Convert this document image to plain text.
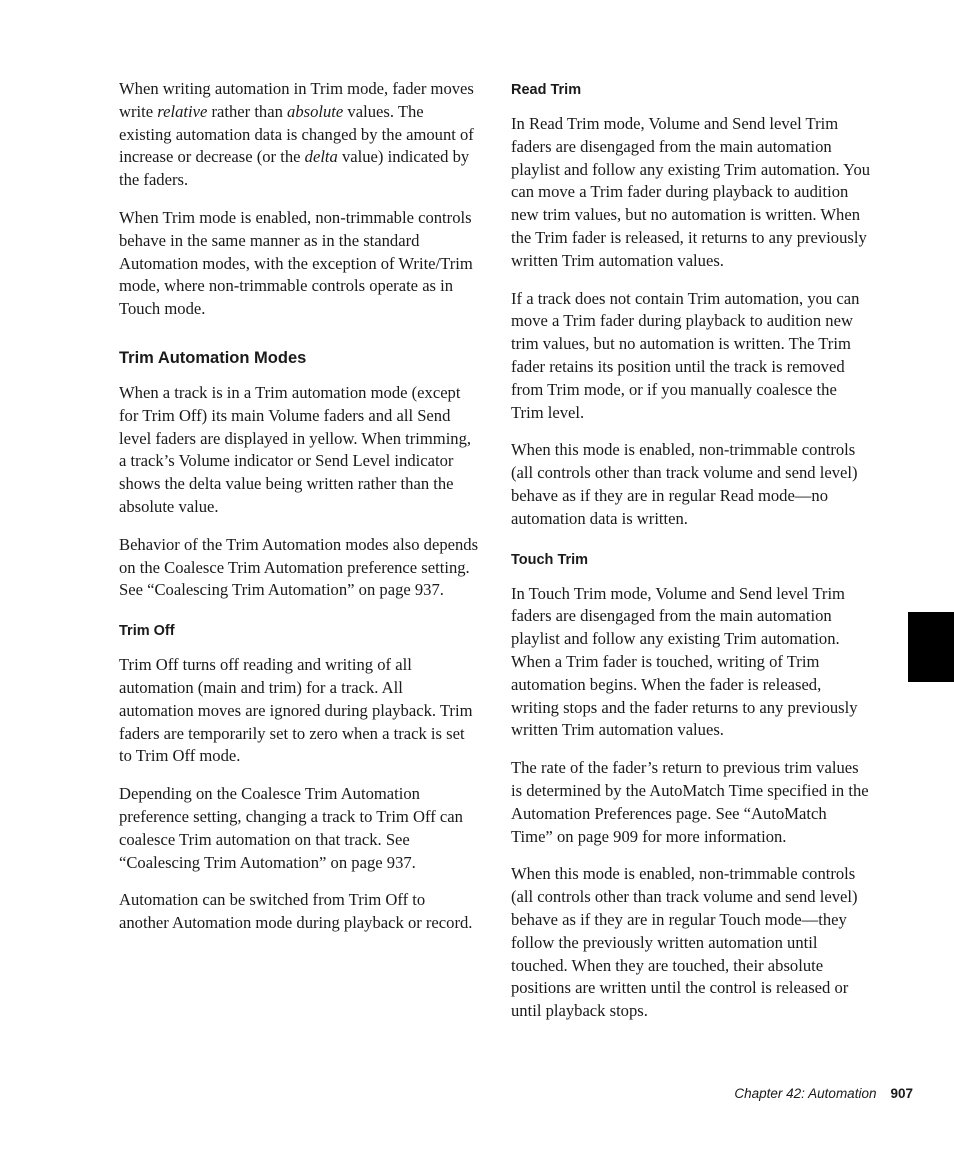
When writing automation in Trim mode, fader moves write relative rather than absolute values. The existing automation data is changed by the amount of increase or decrease (or the delta value) indicated by the faders.

When Trim mode is enabled, non-trimmable controls behave in the same manner as in the standard Automation modes, with the exception of Write/Trim mode, where non-trimmable controls operate as in Touch mode.

Trim Automation Modes

When a track is in a Trim automation mode (except for Trim Off) its main Volume faders and all Send level faders are displayed in yellow. When trimming, a track’s Volume indicator or Send Level indicator shows the delta value being written rather than the absolute value.

Behavior of the Trim Automation modes also depends on the Coalesce Trim Automation preference setting. See “Coalescing Trim Automation” on page 937.

Trim Off

Trim Off turns off reading and writing of all automation (main and trim) for a track. All automation moves are ignored during playback. Trim faders are temporarily set to zero when a track is set to Trim Off mode.

Depending on the Coalesce Trim Automation preference setting, changing a track to Trim Off can coalesce Trim automation on that track. See “Coalescing Trim Automation” on page 937.

Automation can be switched from Trim Off to another Automation mode during playback or record.

Read Trim

In Read Trim mode, Volume and Send level Trim faders are disengaged from the main automation playlist and follow any existing Trim automation. You can move a Trim fader during playback to audition new trim values, but no automation is written. When the Trim fader is released, it returns to any previously written Trim automation values.

If a track does not contain Trim automation, you can move a Trim fader during playback to audition new trim values, but no automation is written. The Trim fader retains its position until the track is removed from Trim mode, or if you manually coalesce the Trim level.

When this mode is enabled, non-trimmable controls (all controls other than track volume and send level) behave as if they are in regular Read mode—no automation data is written.

Touch Trim

In Touch Trim mode, Volume and Send level Trim faders are disengaged from the main automation playlist and follow any existing Trim automation. When a Trim fader is touched, writing of Trim automation begins. When the fader is released, writing stops and the fader returns to any previously written Trim automation values.

The rate of the fader’s return to previous trim values is determined by the AutoMatch Time specified in the Automation Preferences page. See “AutoMatch Time” on page 909 for more information.

When this mode is enabled, non-trimmable controls (all controls other than track volume and send level) behave as if they are in regular Touch mode—they follow the previously written automation until touched. When they are touched, their absolute positions are written until the control is released or until playback stops.

Chapter 42: Automation 907
